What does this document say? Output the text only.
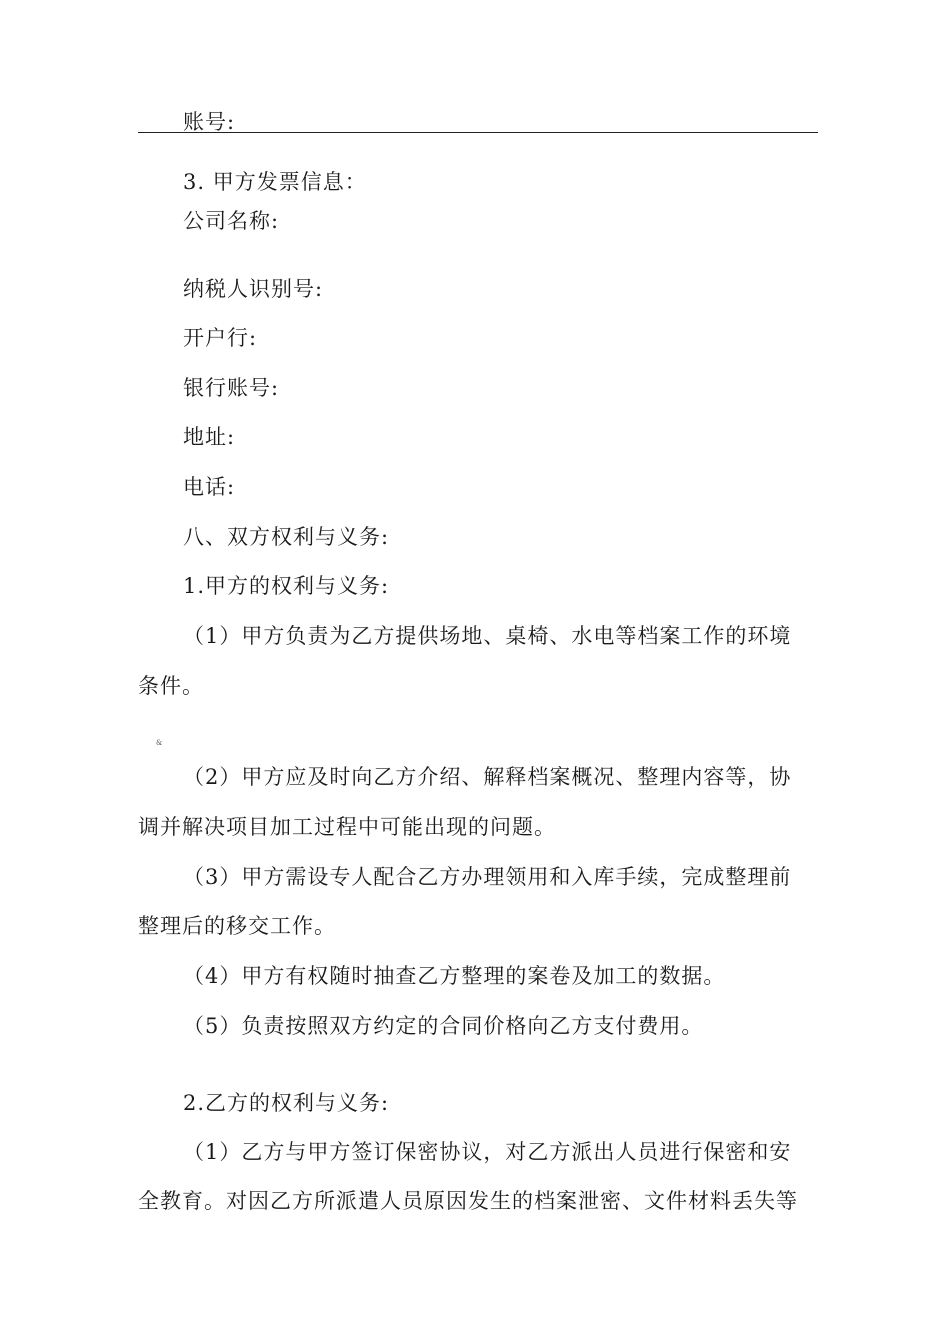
账号:
3. 甲方发票信息：
公司名称:
纳税人识别号:
开户行:
银行账号:
地址:
电话:
八、双方权利与义务:
1.甲方的权利与义务:
（1）甲方负责为乙方提供场地、桌椅、水电等档案工作的环境
条件。
&
（2）甲方应及时向乙方介绍、解释档案概况、整理内容等，协
调并解决项目加工过程中可能出现的问题。
（3）甲方需设专人配合乙方办理领用和入库手续，完成整理前
整理后的移交工作。
（4）甲方有权随时抽查乙方整理的案卷及加工的数据。
（5）负责按照双方约定的合同价格向乙方支付费用。
2.乙方的权利与义务:
（1）乙方与甲方签订保密协议，对乙方派出人员进行保密和安
全教育。对因乙方所派遣人员原因发生的档案泄密、文件材料丢失等
